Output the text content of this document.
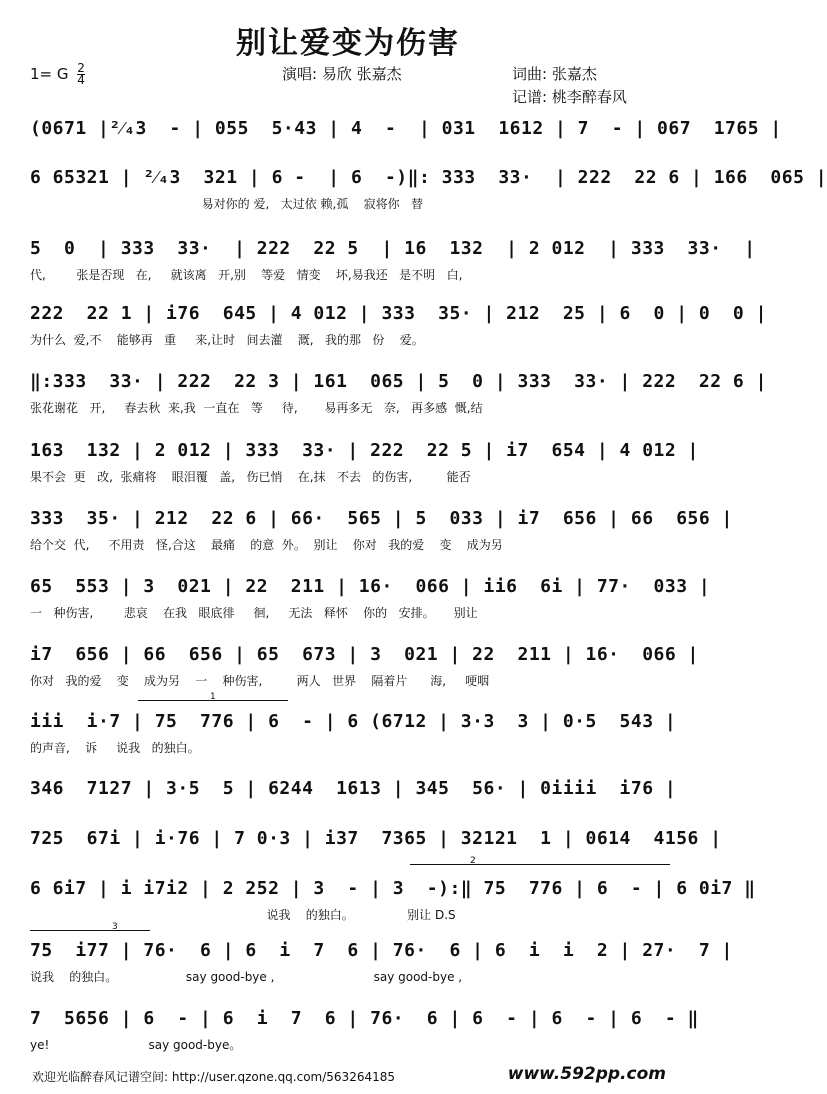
别让爱变为伤害
1= G $\frac{2}{4}$	演唱: 易欣 张嘉杰	词曲: 张嘉杰
记谱: 桃李醉春风
(0671 |²⁄₄3  - | 055  5·43 | 4  -  | 031  1612 | 7  - | 067  1765 |
6 65321 | ²⁄₄3  321 | 6 -  | 6  -)‖: 333  33·  | 222  22 6 | 166  065 |
易对你的 爱,   太过依 赖,孤    寂将你   替
5  0  | 333  33·  | 222  22 5  | 16  132  | 2 012  | 333  33·  |
代,        张是否现   在,     就该离   开,别    等爱   情变    坏,易我还   是不明   白,
222  22 1 | i76  645 | 4 012 | 333  35· | 212  25 | 6  0 | 0  0 |
为什么  爱,不    能够再   重     来,让时   间去灌    溉,   我的那   份    爱。
‖:333  33· | 222  22 3 | 161  065 | 5  0 | 333  33· | 222  22 6 |
张花谢花   开,     春去秋  来,我  一直在   等     待,       易再多无   奈,   再多感  慨,结
163  132 | 2 012 | 333  33· | 222  22 5 | i7  654 | 4 012 |
果不会  更   改,  张痛将    眼泪覆   盖,   伤已悄    在,抹   不去   的伤害,         能否
333  35· | 212  22 6 | 66·  565 | 5  033 | i7  656 | 66  656 |
给个交  代,     不用责   怪,合这    最痛    的意  外。  别让    你对   我的爱    变    成为另
65  553 | 3  021 | 22  211 | 16·  066 | ii6  6i | 77·  033 |
一   种伤害,        悲哀    在我   眼底徘     徊,     无法   释怀    你的   安排。     别让
i7  656 | 66  656 | 65  673 | 3  021 | 22  211 | 16·  066 |
你对   我的爱    变    成为另    一    种伤害,         两人   世界    隔着片      海,     哽咽
iii  i·7 | 75  776 | 6  - | 6 (6712 | 3·3  3 | 0·5  543 |
的声音,    诉     说我   的独白。
346  7127 | 3·5  5 | 6244  1613 | 345  56· | 0iiii  i76 |
725  67i | i·76 | 7 0·3 | i37  7365 | 32121  1 | 0614  4156 |
6 6i7 | i i7i2 | 2 252 | 3  - | 3  -):‖ 75  776 | 6  - | 6 0i7 ‖
说我    的独白。              别让 D.S
75  i77 | 76·  6 | 6  i  7  6 | 76·  6 | 6  i  i  2 | 27·  7 |
说我    的独白。                  say good-bye ,                          say good-bye ,
7  5656 | 6  - | 6  i  7  6 | 76·  6 | 6  - | 6  - | 6  - ‖
ye!                          say good-bye。
1
2
3
欢迎光临醉春风记谱空间: http://user.qzone.qq.com/563264185	www.592pp.com
